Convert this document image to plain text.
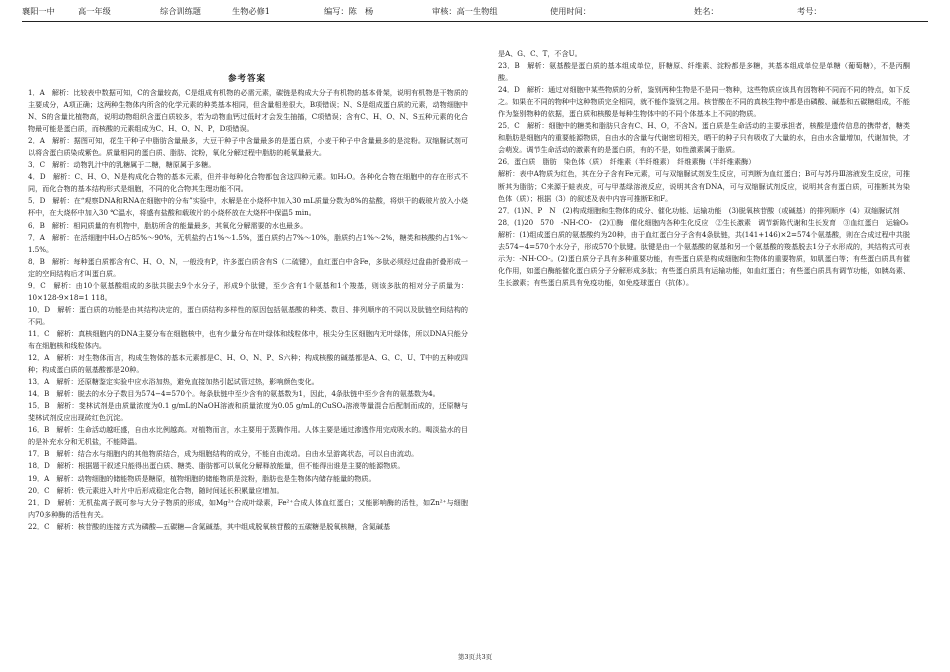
襄阳一中	高一年级	综合训练题	生物必修1	编写：陈　杨	审核：高一生物组	使用时间：	姓名：	考号：
参考答案

1．A　解析：比较表中数据可知，C的含量较高，C是组成有机物的必需元素，碳链是构成大分子有机物的基本骨架，说明有机物是干物质的主要成分，A项正确；这两种生物体内所含的化学元素的种类基本相同，但含量相差很大，B项错误；N、S是组成蛋白质的元素，动物细胞中N、S的含量比植物高，说明动物组织含蛋白质较多，若为动物血钙过低时才会发生抽搐，C项错误；含有C、H、O、N、S五种元素的化合物最可能是蛋白质，而核酸的元素组成为C、H、O、N、P，D项错误。

2．A　解析：据图可知，花生干种子中脂肪含量最多，大豆干种子中含量最多的是蛋白质，小麦干种子中含量最多的是淀粉。双缩脲试剂可以将含蛋白质染成紫色。质量相同的蛋白质、脂肪、淀粉，氧化分解过程中脂肪的耗氧量最大。

3．C　解析：动物乳汁中的乳糖属于二糖，糖原属于多糖。

4．D　解析：C、H、O、N是构成化合物的基本元素，但并非每种化合物都包含这四种元素。如H₂O。各种化合物在细胞中的存在形式不同，而化合物的基本结构形式是细胞，不同的化合物其生理功能不同。

5．D　解析：在“观察DNA和RNA在细胞中的分布”实验中，水解是在小烧杯中加入30 mL质量分数为8%的盐酸，将烘干的载玻片放入小烧杯中，在大烧杯中加入30 ℃温水，将盛有盐酸和载玻片的小烧杯放在大烧杯中保温5 min。

6．B　解析：相同质量的有机物中，脂肪所含的能量最多，其氧化分解需要的水也最多。

7．A　解析：在活细胞中H₂O占85%～90%，无机盐约占1%～1.5%，蛋白质约占7%～10%，脂质约占1%～2%，糖类和核酸约占1%～1.5%。

8．B　解析：每种蛋白质都含有C、H、O、N，一般没有P，许多蛋白质含有S（二硫键），血红蛋白中含Fe，多肽必须经过盘曲折叠形成一定的空间结构后才叫蛋白质。

9．C　解析：由10个氨基酸组成的多肽共脱去9个水分子，形成9个肽键，至少含有1个氨基和1个羧基，则该多肽的相对分子质量为：10×128-9×18=1 118。

10．D　解析：蛋白质的功能是由其结构决定的，蛋白质结构多样性的原因包括氨基酸的种类、数目、排列顺序的不同以及肽链空间结构的不同。

11．C　解析：真核细胞内的DNA主要分布在细胞核中，也有少量分布在叶绿体和线粒体中，根尖分生区细胞内无叶绿体，所以DNA只能分布在细胞核和线粒体内。

12．A　解析：对生物体而言，构成生物体的基本元素都是C、H、O、N、P、S六种；构成核酸的碱基都是A、G、C、U、T中的五种或四种；构成蛋白质的氨基酸都是20种。

13．A　解析：还原糖鉴定实验中应水浴加热，避免直接加热引起试管过热，影响颜色变化。

14．B　解析：脱去的水分子数目为574−4=570个。每条肽链中至少含有的氨基数为1，因此，4条肽链中至少含有的氨基数为4。

15．B　解析：斐林试剂是由质量浓度为0.1 g/mL的NaOH溶液和质量浓度为0.05 g/mL的CuSO₄溶液等量混合后配制而成的，还原糖与斐林试剂反应出现砖红色沉淀。

16．B　解析：生命活动越旺盛，自由水比例越高。对植物而言，水主要用于蒸腾作用。人体主要是通过渗透作用完成吸水的。喝淡盐水的目的是补充水分和无机盐，不能降温。

17．B　解析：结合水与细胞内的其他物质结合，成为细胞结构的成分，不能自由流动。自由水呈游离状态，可以自由流动。

18．D　解析：根据题干叙述只能得出蛋白质、糖类、脂肪都可以氧化分解释放能量，但不能得出谁是主要的能源物质。

19．A　解析：动物细胞的储能物质是糖原，植物细胞的储能物质是淀粉，脂肪也是生物体内储存能量的物质。

20．C　解析：铁元素进入叶片中后形成稳定化合物，随时间延长积累量应增加。

21．D　解析：无机盐离子既可参与大分子物质的形成，如Mg²⁺合成叶绿素，Fe²⁺合成人体血红蛋白；又能影响酶的活性，如Zn²⁺与细胞内70多种酶的活性有关。

22．C　解析：核苷酸的连接方式为磷酸—五碳糖—含氮碱基，其中组成脱氧核苷酸的五碳糖是脱氧核糖，含氮碱基

是A、G、C、T，不含U。

23．B　解析：氨基酸是蛋白质的基本组成单位，肝糖原、纤维素、淀粉都是多糖，其基本组成单位是单糖（葡萄糖），不是丙酮酸。

24．D　解析：通过对细胞中某些物质的分析，鉴别两种生物是不是同一物种，这些物质应该具有因物种不同而不同的特点，如下反之。如果在不同的物种中这种物质完全相同，就不能作鉴别之用。核苷酸在不同的真核生物中都是由磷酸、碱基和五碳糖组成，不能作为鉴别物种的依据，蛋白质和核酸是每种生物体中的不同个体基本上不同的物质。

25．C　解析：细胞中的糖类和脂肪只含有C、H、O，不含N。蛋白质是生命活动的主要承担者，核酸是遗传信息的携带者，糖类和脂肪是细胞内的重要能源物质，自由水的含量与代谢密切相关，晒干的种子只有吸收了大量的水，自由水含量增加，代谢加快，才会萌发。调节生命活动的激素有的是蛋白质，有的不是，如性激素属于脂质。

26．蛋白质　脂肪　染色体（质）　纤维素（半纤维素）　纤维素酶（半纤维素酶）

解析：表中A物质为红色，其在分子含有Fe元素，可与双缩脲试剂发生反应，可判断为血红蛋白；B可与苏丹Ⅲ溶液发生反应，可推断其为脂肪；C来源于蛙表皮，可与甲基绿溶液反应，说明其含有DNA，可与双缩脲试剂反应，说明其含有蛋白质，可推断其为染色体（质）；根据（3）的叙述及表中内容可推断E和F。

27．(1)N、P　N　(2)构成细胞和生物体的成分、催化功能、运输功能　(3)脱氧核苷酸（或碱基）的排列顺序（4）双缩脲试剂

28．(1)20　570　-NH-CO-　(2)①酶　催化细胞内各种生化反应　②生长激素　调节新陈代谢和生长发育　③血红蛋白　运输O₂

解析：(1)组成蛋白质的氨基酸约为20种，由于血红蛋白分子含有4条肽链，共(141+146)×2=574个氨基酸，则在合成过程中共脱去574−4=570个水分子，形成570个肽键。肽键是由一个氨基酸的氨基和另一个氨基酸的羧基脱去1分子水形成的，其结构式可表示为：-NH-CO-。(2)蛋白质分子具有多种重要功能，有些蛋白质是构成细胞和生物体的重要物质，如肌蛋白等；有些蛋白质具有催化作用，如蛋白酶能催化蛋白质分子分解形成多肽；有些蛋白质具有运输功能，如血红蛋白；有些蛋白质具有调节功能，如胰岛素、生长激素；有些蛋白质具有免疫功能，如免疫球蛋白（抗体）。

第3页共3页
